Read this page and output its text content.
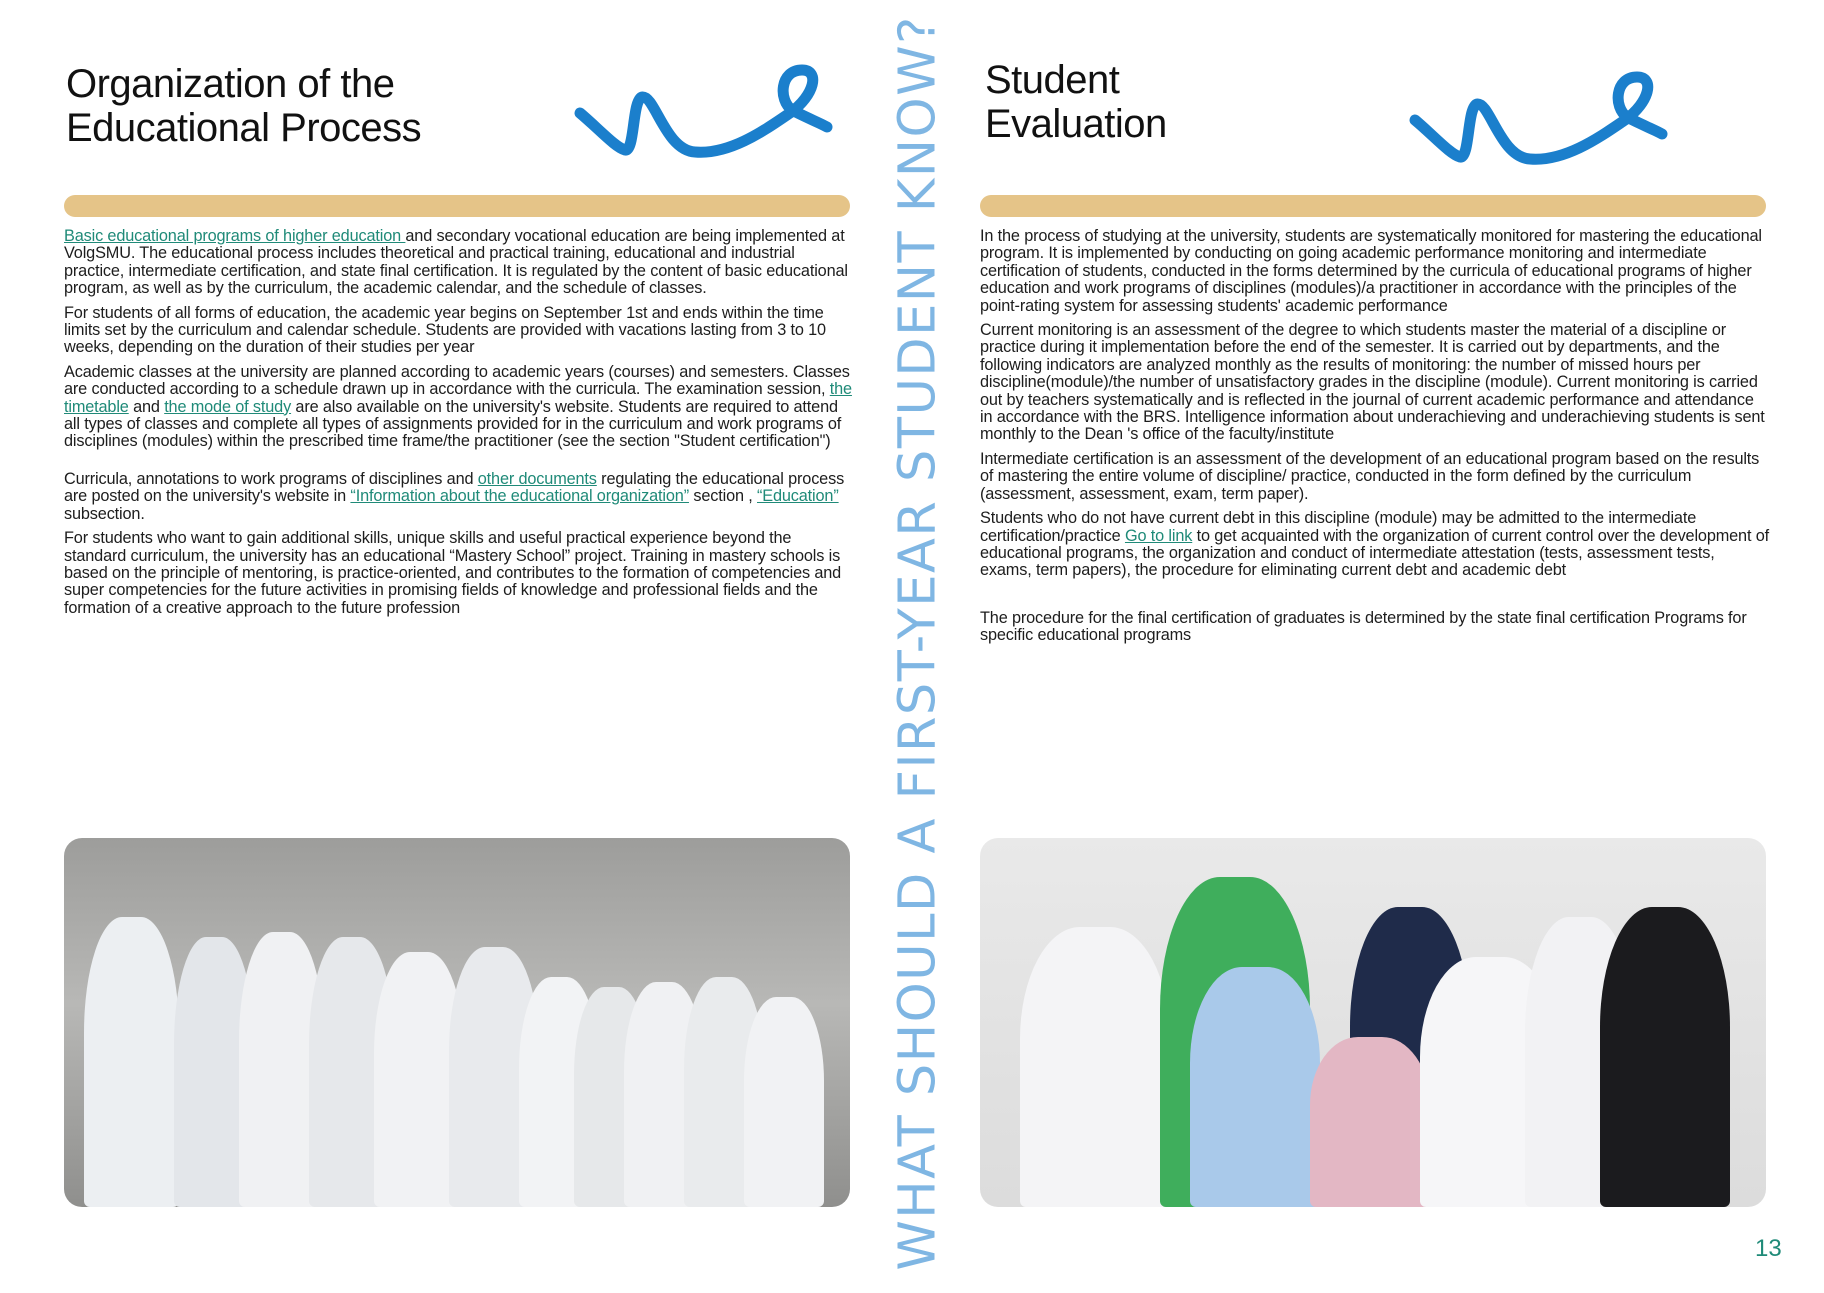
Organization of the
Educational Process

Basic educational programs of higher education and secondary vocational education are being implemented at VolgSMU. The educational process includes theoretical and practical training, educational and industrial practice, intermediate certification, and state final certification. It is regulated by the content of basic educational program, as well as by the curriculum, the academic calendar, and the schedule of classes.

For students of all forms of education, the academic year begins on September 1st and ends within the time limits set by the curriculum and calendar schedule. Students are provided with vacations lasting from 3 to 10 weeks, depending on the duration of their studies per year

Academic classes at the university are planned according to academic years (courses) and semesters. Classes are conducted according to a schedule drawn up in accordance with the curricula. The examination session, the timetable and the mode of study are also available on the university's website. Students are required to attend all types of classes and complete all types of assignments provided for in the curriculum and work programs of disciplines (modules) within the prescribed time frame/the practitioner (see the section "Student certification")

Curricula, annotations to work programs of disciplines and other documents regulating the educational process are posted on the university's website in “Information about the educational organization” section , “Education” subsection.

For students who want to gain additional skills, unique skills and useful practical experience beyond the standard curriculum, the university has an educational “Mastery School” project. Training in mastery schools is based on the principle of mentoring, is practice-oriented, and contributes to the formation of competencies and super competencies for the future activities in promising fields of knowledge and professional fields and the formation of a creative approach to the future profession	WHAT SHOULD A FIRST-YEAR STUDENT KNOW? Student
Evaluation

In the process of studying at the university, students are systematically monitored for mastering the educational program. It is implemented by conducting on going academic performance monitoring and intermediate certification of students, conducted in the forms determined by the curricula of educational programs of higher education and work programs of disciplines (modules)/a practitioner in accordance with the principles of the point-rating system for assessing students' academic performance

Current monitoring is an assessment of the degree to which students master the material of a discipline or practice during it implementation before the end of the semester. It is carried out by departments, and the following indicators are analyzed monthly as the results of monitoring: the number of missed hours per discipline(module)/the number of unsatisfactory grades in the discipline (module). Current monitoring is carried out by teachers systematically and is reflected in the journal of current academic performance and attendance in accordance with the BRS. Intelligence information about underachieving and underachieving students is sent monthly to the Dean 's office of the faculty/institute

Intermediate certification is an assessment of the development of an educational program based on the results of mastering the entire volume of discipline/ practice, conducted in the form defined by the curriculum (assessment, assessment, exam, term paper).

Students who do not have current debt in this discipline (module) may be admitted to the intermediate certification/practice Go to link to get acquainted with the organization of current control over the development of educational programs, the organization and conduct of intermediate attestation (tests, assessment tests, exams, term papers), the procedure for eliminating current debt and academic debt

The procedure for the final certification of graduates is determined by the state final certification Programs for specific educational programs

13
